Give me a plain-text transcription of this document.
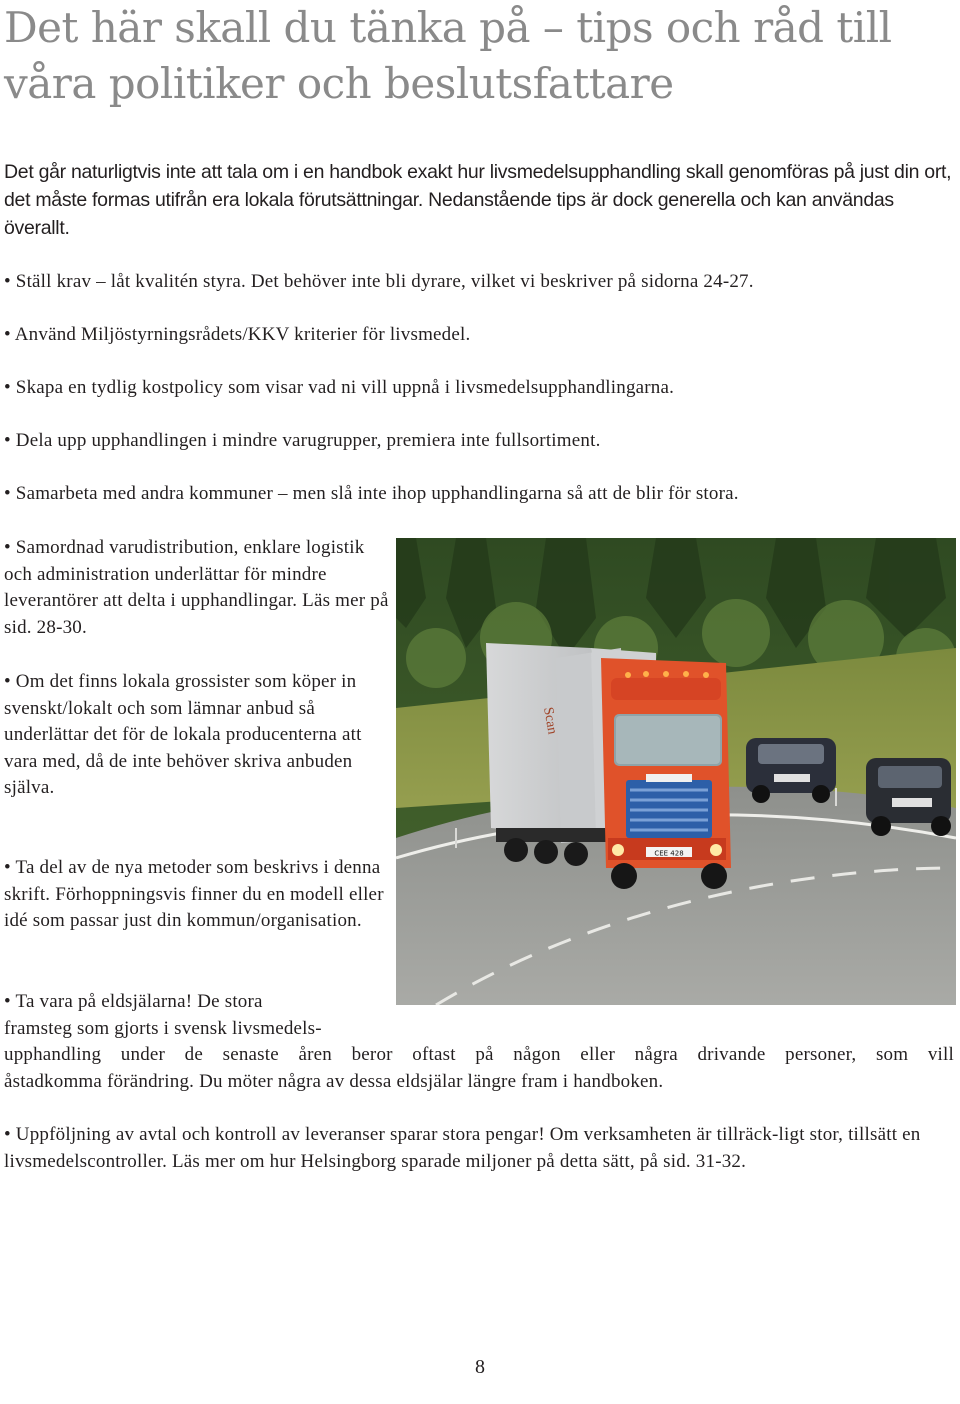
Det här skall du tänka på – tips och råd till våra politiker och beslutsfattare

Det går naturligtvis inte att tala om i en handbok exakt hur livsmedelsupphandling skall genomföras på just din ort, det måste formas utifrån era lokala förutsättningar. Nedanstående tips är dock generella och kan användas överallt.

• Ställ krav – låt kvalitén styra. Det behöver inte bli dyrare, vilket vi beskriver på sidorna 24-27.

• Använd Miljöstyrningsrådets/KKV kriterier för livsmedel.

• Skapa en tydlig kostpolicy som visar vad ni vill uppnå i livsmedelsupphandlingarna.

• Dela upp upphandlingen i mindre varugrupper, premiera inte fullsortiment.

• Samarbeta med andra kommuner – men slå inte ihop upphandlingarna så att de blir för stora.

• Samordnad varudistribution, enklare logistik och administration underlättar för mindre leverantörer att delta i upphandlingar. Läs mer på sid. 28-30.

• Om det finns lokala grossister som köper in svenskt/lokalt och som lämnar anbud så underlättar det för de lokala producenterna att vara med, då de inte behöver skriva anbuden själva.

• Ta del av de nya metoder som beskrivs i denna skrift. Förhoppningsvis finner du en modell eller idé som passar just din kommun/organisation.

• Ta vara på eldsjälarna! De stora
framsteg som gjorts i svensk livsmedels-
upphandling under de senaste åren beror oftast på någon eller några drivande personer, som vill
åstadkomma förändring. Du möter några av dessa eldsjälar längre fram i handboken.

• Uppföljning av avtal och kontroll av leveranser sparar stora pengar! Om verksamheten är tillräck-ligt stor, tillsätt en livsmedelscontroller. Läs mer om hur Helsingborg sparade miljoner på detta sätt, på sid. 31-32.

Scan
CEE 428
8
